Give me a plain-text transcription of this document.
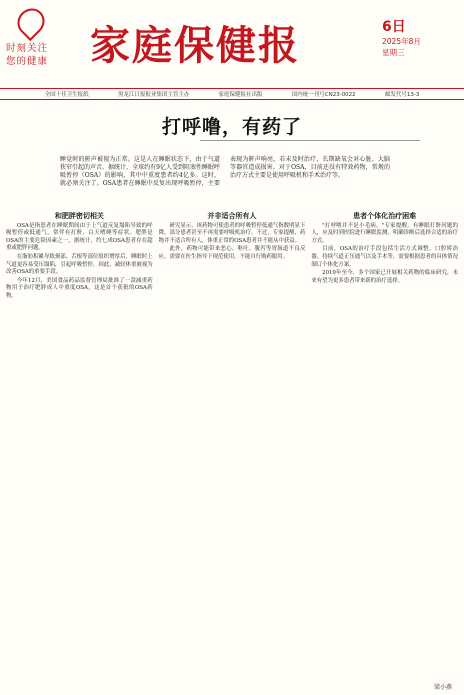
时刻关注
您的健康	家庭保健报	6日
2025年8月
星期三
全国十佳卫生报纸	黑龙江日报报业集团主管主办	家庭保健报社出版	国内统一刊号CN23-0022	邮发代号13-3
打呼噜，有药了
睡觉时的鼾声被视为正常。这是人在睡眠状态下，由于气道狭窄引起的声音。据统计，全球约有9亿人受到阻塞性睡眠呼吸暂停（OSA）的影响，其中中重度患者约4亿多。这时，就必须关注了。OSA患者在睡眠中反复出现呼吸暂停，主要表现为鼾声响亮，若未及时治疗，长期缺氧会对心脏、大脑等器官造成损害。对于OSA，目前还没有特效药物，常规的治疗方式主要是使用呼吸机和手术治疗等。
和肥胖密切相关

OSA是指患者在睡眠期间由于上气道反复塌陷导致的呼吸暂停或低通气，常伴有打鼾、白天嗜睡等症状。肥胖是OSA的主要危险因素之一，据统计，约七成OSA患者存在超重或肥胖问题。

在脂肪积累导致颈部、舌根等部位组织增厚后，睡眠时上气道更容易受压塌陷，引起呼吸暂停。因此，减轻体重被视为改善OSA的重要手段。

今年12月，美国食品药品监督管理局批准了一款减重药物用于治疗肥胖成人中重度OSA，这是首个获批的OSA药物。

并非适合所有人

研究显示，该药物可使患者的呼吸暂停低通气指数明显下降，部分患者甚至不再需要呼吸机治疗。不过，专家提醒，药物并不适合所有人，体重正常的OSA患者并不能从中获益。

此外，药物可能带来恶心、呕吐、腹泻等胃肠道不良反应，需要在医生指导下规范使用，不能自行购药服用。

患者个体化治疗困难

"打呼噜并不是小毛病。"专家提醒，有睡眠打鼾问题的人，应及时到医院进行睡眠监测，明确诊断后选择合适的治疗方式。

目前，OSA的治疗手段包括生活方式调整、口腔矫治器、持续气道正压通气以及手术等，需要根据患者的具体情况制订个体化方案。

2019年至今，多个国家已开展相关药物的临床研究，未来有望为更多患者带来新的治疗选择。

梁小燕
